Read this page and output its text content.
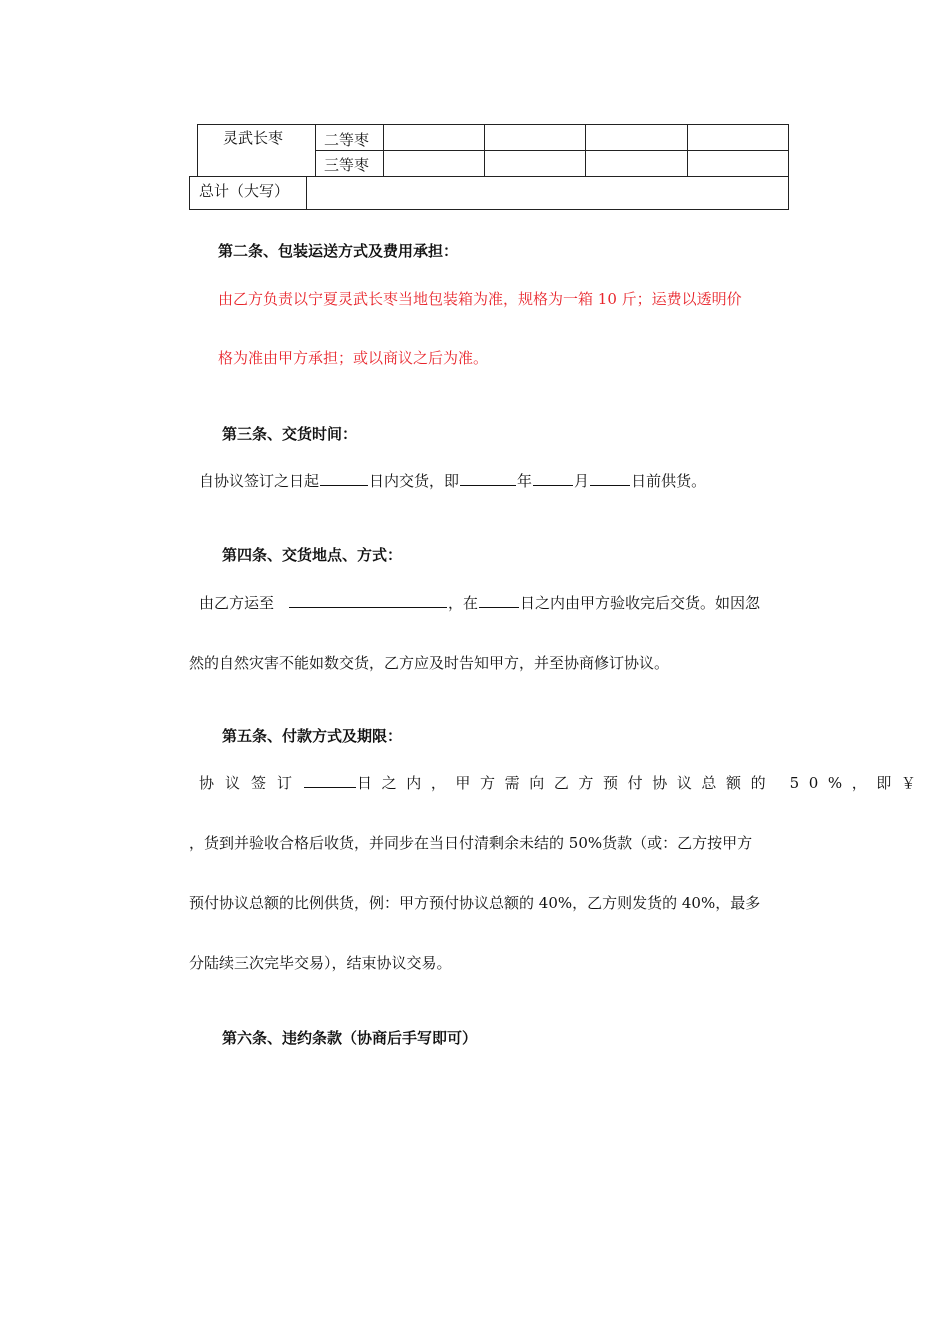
灵武长枣	二等枣
三等枣
总计（大写）
第二条、包装运送方式及费用承担：
由乙方负责以宁夏灵武长枣当地包装箱为准，规格为一箱 10 斤；运费以透明价
格为准由甲方承担；或以商议之后为准。
第三条、交货时间：
自协议签订之日起	日内交货，即	年	月	日前供货。
第四条、交货地点、方式：
由乙方运至	，在	日之内由甲方验收完后交货。如因忽
然的自然灾害不能如数交货，乙方应及时告知甲方，并至协商修订协议。
第五条、付款方式及期限：
协议签订	日之内，甲方需向乙方预付协议总额的 50%，即￥
，货到并验收合格后收货，并同步在当日付清剩余未结的 50%货款（或：乙方按甲方
预付协议总额的比例供货，例：甲方预付协议总额的 40%，乙方则发货的 40%，最多
分陆续三次完毕交易），结束协议交易。
第六条、违约条款（协商后手写即可）
